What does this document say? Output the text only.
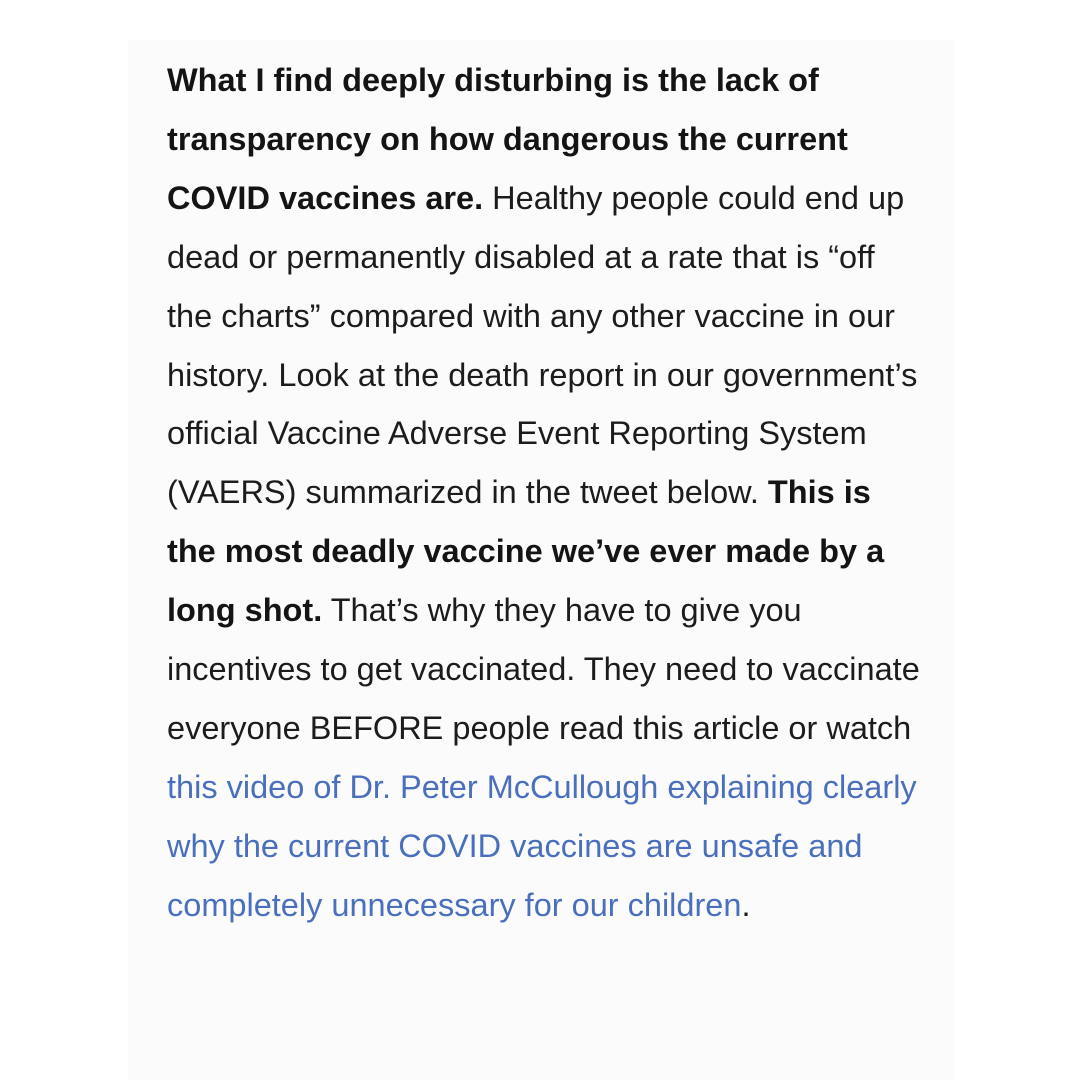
What I find deeply disturbing is the lack of transparency on how dangerous the current COVID vaccines are. Healthy people could end up dead or permanently disabled at a rate that is “off the charts” compared with any other vaccine in our history. Look at the death report in our government’s official Vaccine Adverse Event Reporting System (VAERS) summarized in the tweet below. This is the most deadly vaccine we’ve ever made by a long shot. That’s why they have to give you incentives to get vaccinated. They need to vaccinate everyone BEFORE people read this article or watch this video of Dr. Peter McCullough explaining clearly why the current COVID vaccines are unsafe and completely unnecessary for our children.
